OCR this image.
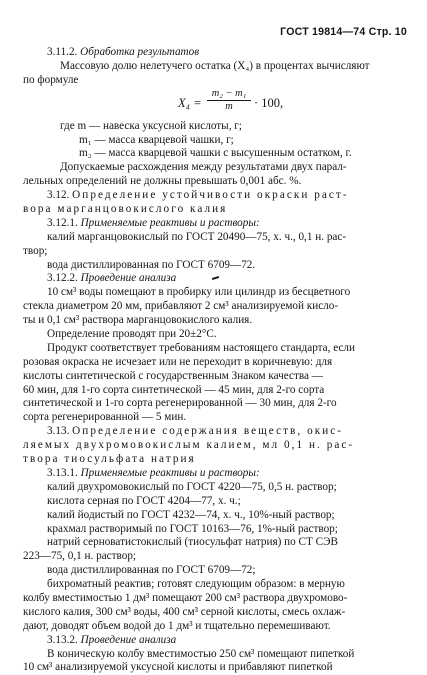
ГОСТ 19814—74 Стр. 10
3.11.2. Обработка результатов
Массовую долю нелетучего остатка (X₄) в процентах вычисляют
по формуле
$X_4 = \frac{\text{m₂ − m₁}}{m} \cdot 100$,
где m — навеска уксусной кислоты, г;
m₁ — масса кварцевой чашки, г;
m₂ — масса кварцевой чашки с высушенным остатком, г.
Допускаемые расхождения между результатами двух парал-
лельных определений не должны превышать 0,001 абс. %.
3.12. Определение устойчивости окраски раст-
вора марганцовокислого калия
3.12.1. Применяемые реактивы и растворы:
калий марганцовокислый по ГОСТ 20490—75, х. ч., 0,1 н. рас-
твор;
вода дистиллированная по ГОСТ 6709—72.
3.12.2. Проведение анализа
10 см³ воды помещают в пробирку или цилиндр из бесцветного
стекла диаметром 20 мм, прибавляют 2 см³ анализируемой кисло-
ты и 0,1 см³ раствора марганцовокислого калия.
Определение проводят при 20±2°С.
Продукт соответствует требованиям настоящего стандарта, если
розовая окраска не исчезает или не переходит в коричневую: для
кислоты синтетической с государственным Знаком качества —
60 мин, для 1-го сорта синтетической — 45 мин, для 2-го сорта
синтетической и 1-го сорта регенерированной — 30 мин, для 2-го
сорта регенерированной — 5 мин.
3.13. Определение содержания веществ, окис-
ляемых двухромовокислым калием, мл 0,1 н. рас-
твора тиосульфата натрия
3.13.1. Применяемые реактивы и растворы:
калий двухромовокислый по ГОСТ 4220—75, 0,5 н. раствор;
кислота серная по ГОСТ 4204—77, х. ч.;
калий йодистый по ГОСТ 4232—74, х. ч., 10%-ный раствор;
крахмал растворимый по ГОСТ 10163—76, 1%-ный раствор;
натрий серноватистокислый (тиосульфат натрия) по СТ СЭВ
223—75, 0,1 н. раствор;
вода дистиллированная по ГОСТ 6709—72;
бихроматный реактив; готовят следующим образом: в мерную
колбу вместимостью 1 дм³ помещают 200 см³ раствора двухромово-
кислого калия, 300 см³ воды, 400 см³ серной кислоты, смесь охлаж-
дают, доводят объем водой до 1 дм³ и тщательно перемешивают.
3.13.2. Проведение анализа
В коническую колбу вместимостью 250 см³ помещают пипеткой
10 см³ анализируемой уксусной кислоты и прибавляют пипеткой
